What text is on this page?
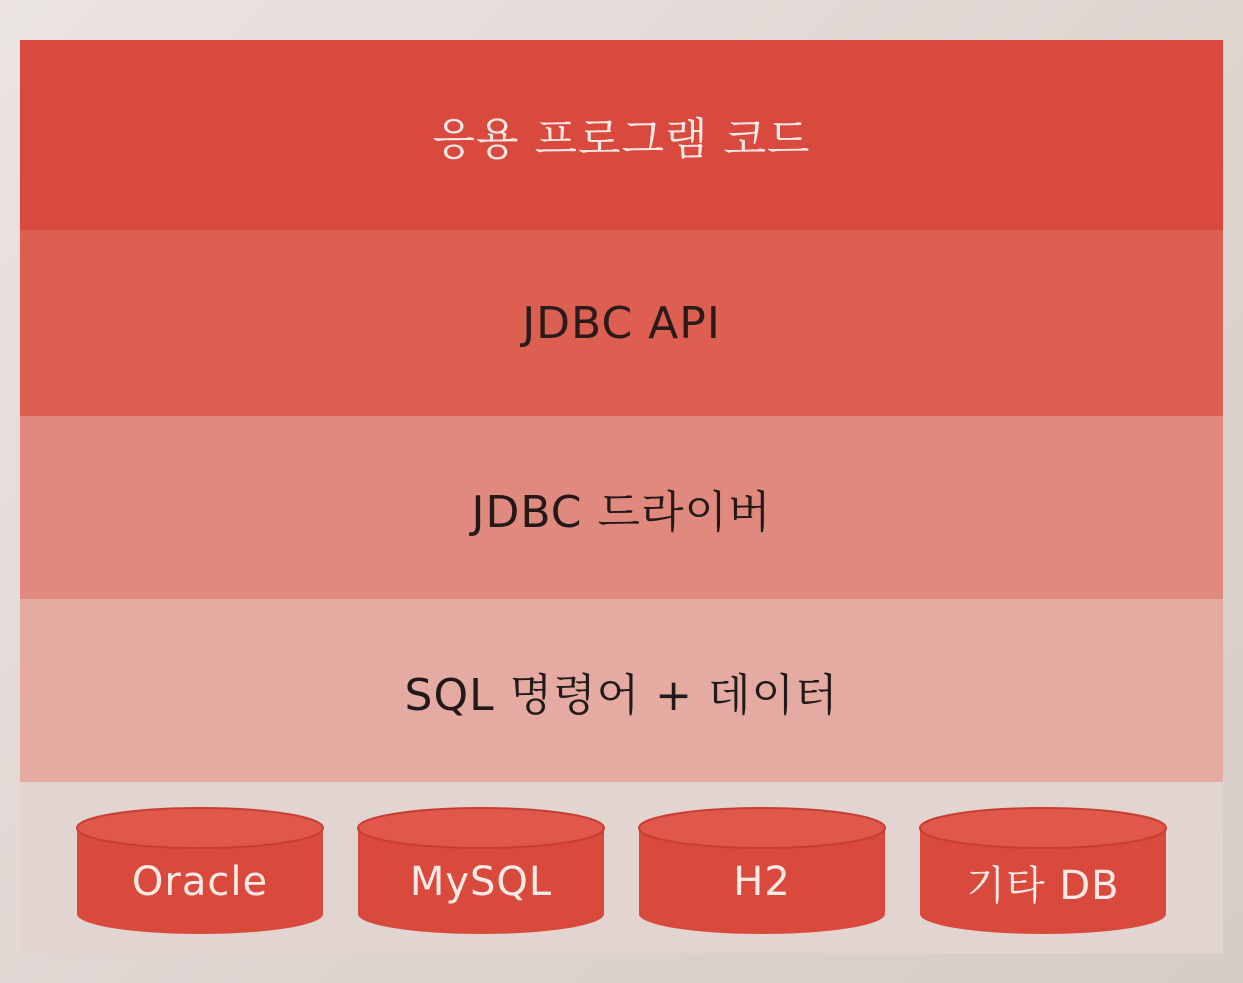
응용 프로그램 코드
JDBC API
JDBC 드라이버
SQL 명령어 + 데이터
Oracle	MySQL	H2	기타 DB
